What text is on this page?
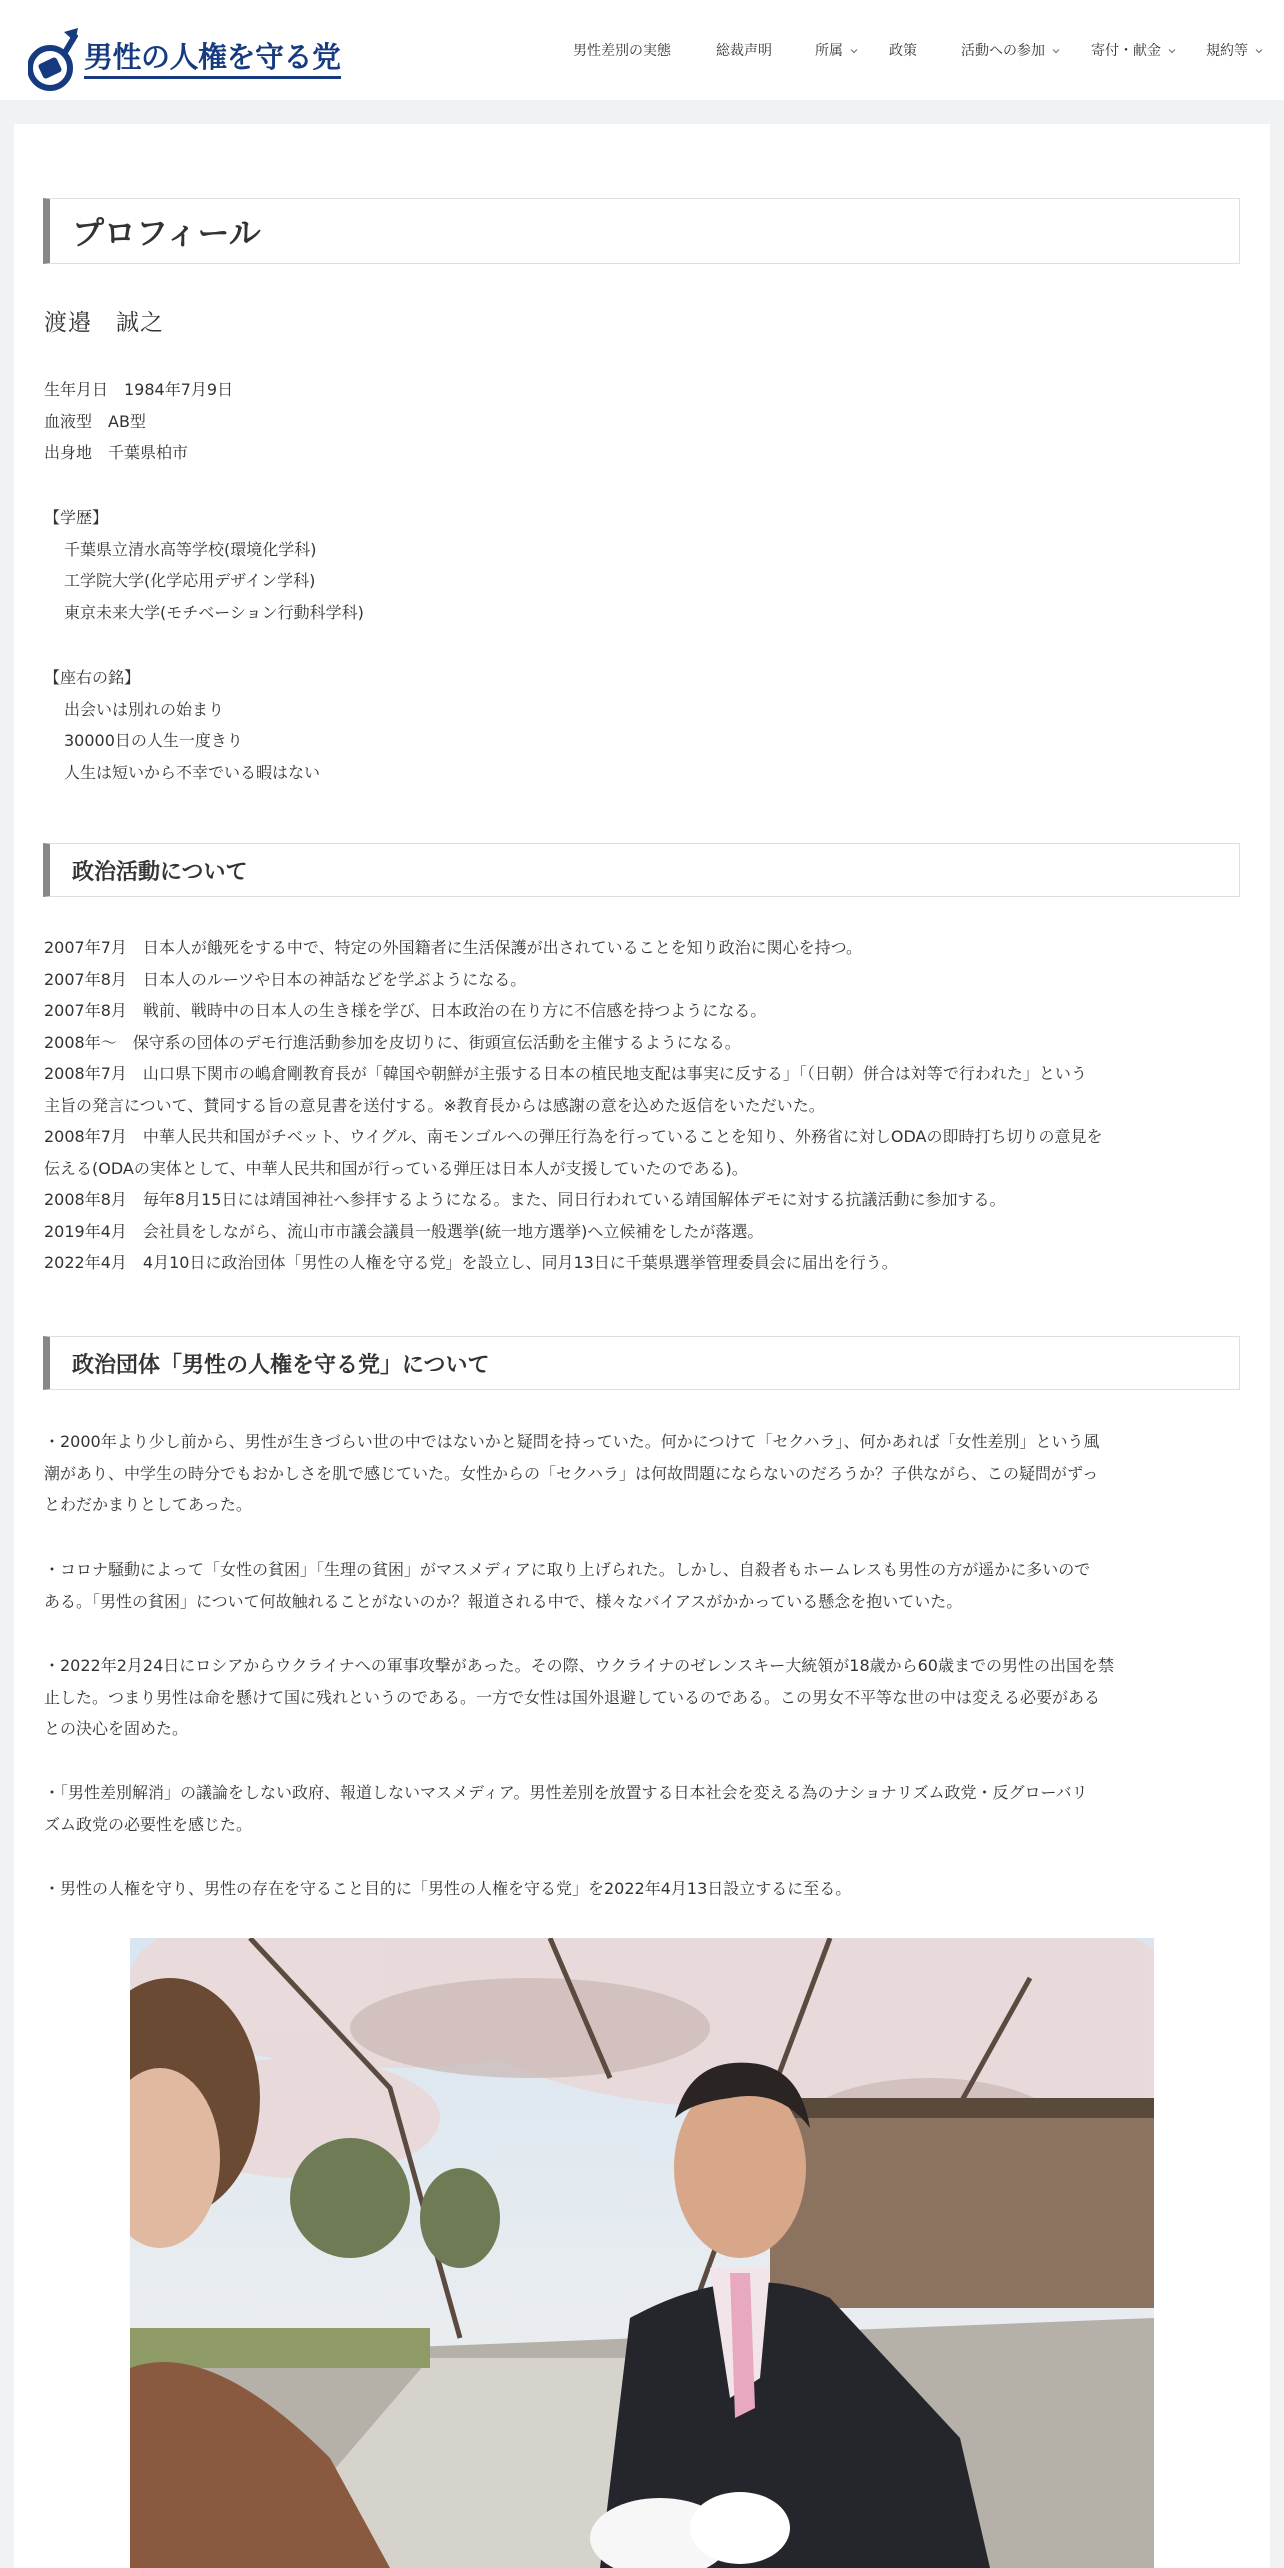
男性の人権を守る党	男性差別の実態	総裁声明	所属	政策	活動への参加	寄付・献金	規約等
プロフィール
渡邉　誠之
生年月日　1984年7月9日
血液型　AB型
出身地　千葉県柏市
【学歴】
千葉県立清水高等学校(環境化学科)
工学院大学(化学応用デザイン学科)
東京未来大学(モチベーション行動科学科)
【座右の銘】
出会いは別れの始まり
30000日の人生一度きり
人生は短いから不幸でいる暇はない
政治活動について
2007年7月　日本人が餓死をする中で、特定の外国籍者に生活保護が出されていることを知り政治に関心を持つ。
2007年8月　日本人のルーツや日本の神話などを学ぶようになる。
2007年8月　戦前、戦時中の日本人の生き様を学び、日本政治の在り方に不信感を持つようになる。
2008年～　保守系の団体のデモ行進活動参加を皮切りに、街頭宣伝活動を主催するようになる。
2008年7月　山口県下関市の嶋倉剛教育長が「韓国や朝鮮が主張する日本の植民地支配は事実に反する」「（日朝）併合は対等で行われた」という
主旨の発言について、賛同する旨の意見書を送付する。※教育長からは感謝の意を込めた返信をいただいた。
2008年7月　中華人民共和国がチベット、ウイグル、南モンゴルへの弾圧行為を行っていることを知り、外務省に対しODAの即時打ち切りの意見を
伝える(ODAの実体として、中華人民共和国が行っている弾圧は日本人が支援していたのである)。
2008年8月　毎年8月15日には靖国神社へ参拝するようになる。また、同日行われている靖国解体デモに対する抗議活動に参加する。
2019年4月　会社員をしながら、流山市市議会議員一般選挙(統一地方選挙)へ立候補をしたが落選。
2022年4月　4月10日に政治団体「男性の人権を守る党」を設立し、同月13日に千葉県選挙管理委員会に届出を行う。
政治団体「男性の人権を守る党」について
・2000年より少し前から、男性が生きづらい世の中ではないかと疑問を持っていた。何かにつけて「セクハラ」、何かあれば「女性差別」という風
潮があり、中学生の時分でもおかしさを肌で感じていた。女性からの「セクハラ」は何故問題にならないのだろうか？子供ながら、この疑問がずっ
とわだかまりとしてあった。
・コロナ騒動によって「女性の貧困」「生理の貧困」がマスメディアに取り上げられた。しかし、自殺者もホームレスも男性の方が遥かに多いので
ある。「男性の貧困」について何故触れることがないのか？報道される中で、様々なバイアスがかかっている懸念を抱いていた。
・2022年2月24日にロシアからウクライナへの軍事攻撃があった。その際、ウクライナのゼレンスキー大統領が18歳から60歳までの男性の出国を禁
止した。つまり男性は命を懸けて国に残れというのである。一方で女性は国外退避しているのである。この男女不平等な世の中は変える必要がある
との決心を固めた。
・「男性差別解消」の議論をしない政府、報道しないマスメディア。男性差別を放置する日本社会を変える為のナショナリズム政党・反グローバリ
ズム政党の必要性を感じた。
・男性の人権を守り、男性の存在を守ること目的に「男性の人権を守る党」を2022年4月13日設立するに至る。
